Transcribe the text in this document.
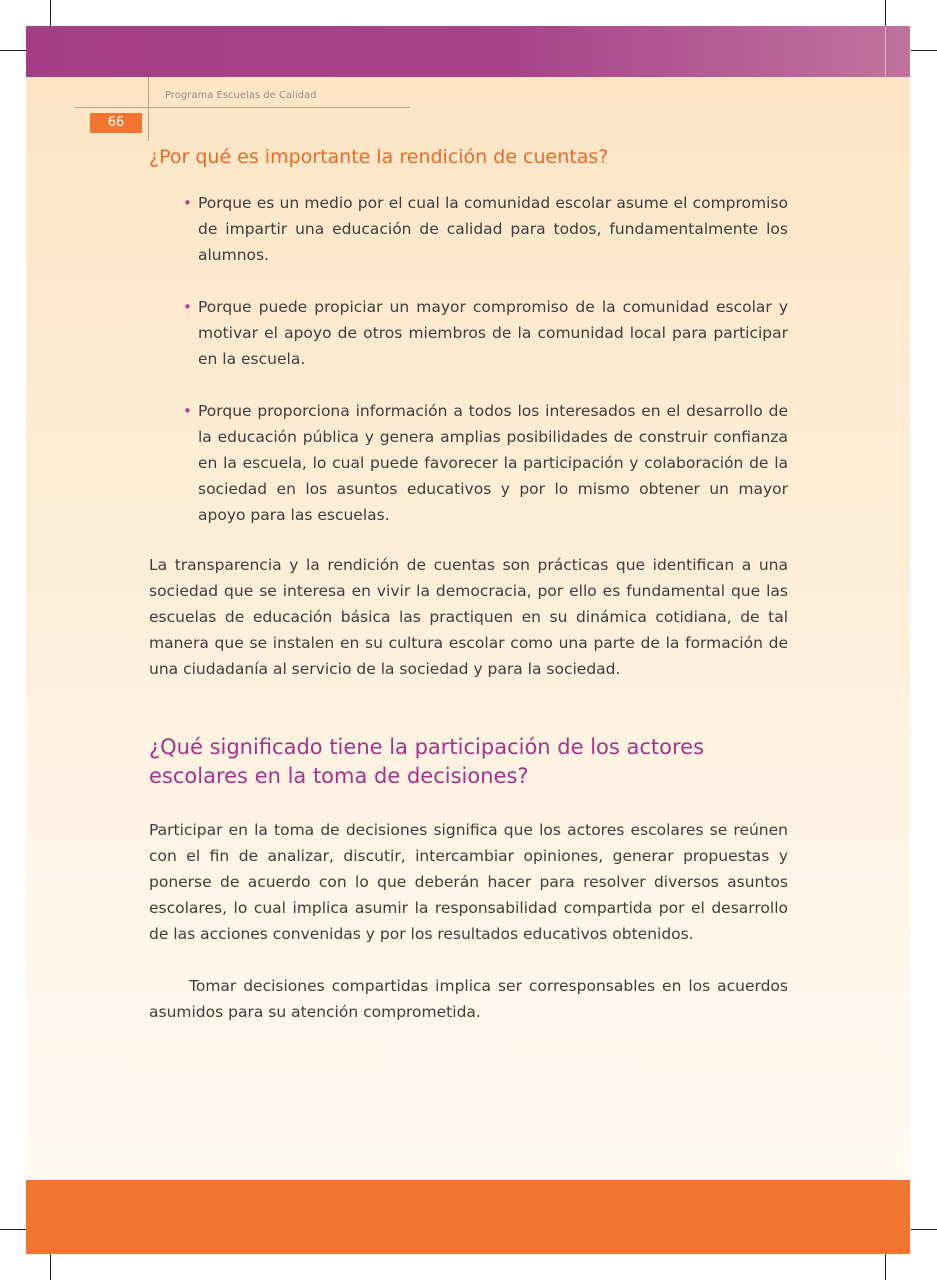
Programa Escuelas de Calidad
66
¿Por qué es importante la rendición de cuentas?
• Porque es un medio por el cual la comunidad escolar asume el compromiso de impartir una educación de calidad para todos, fundamentalmente los alumnos.
• Porque puede propiciar un mayor compromiso de la comunidad escolar y motivar el apoyo de otros miembros de la comunidad local para participar en la escuela.
• Porque proporciona información a todos los interesados en el desarrollo de la educación pública y genera amplias posibilidades de construir confianza en la escuela, lo cual puede favorecer la participación y colaboración de la sociedad en los asuntos educativos y por lo mismo obtener un mayor apoyo para las escuelas.

La transparencia y la rendición de cuentas son prácticas que identifican a una sociedad que se interesa en vivir la democracia, por ello es fundamental que las escuelas de educación básica las practiquen en su dinámica cotidiana, de tal manera que se instalen en su cultura escolar como una parte de la formación de una ciudadanía al servicio de la sociedad y para la sociedad.

¿Qué significado tiene la participación de los actores escolares en la toma de decisiones?

Participar en la toma de decisiones significa que los actores escolares se reúnen con el fin de analizar, discutir, intercambiar opiniones, generar propuestas y ponerse de acuerdo con lo que deberán hacer para resolver diversos asuntos escolares, lo cual implica asumir la responsabilidad compartida por el desarrollo de las acciones convenidas y por los resultados educativos obtenidos.

Tomar decisiones compartidas implica ser corresponsables en los acuerdos asumidos para su atención comprometida.
